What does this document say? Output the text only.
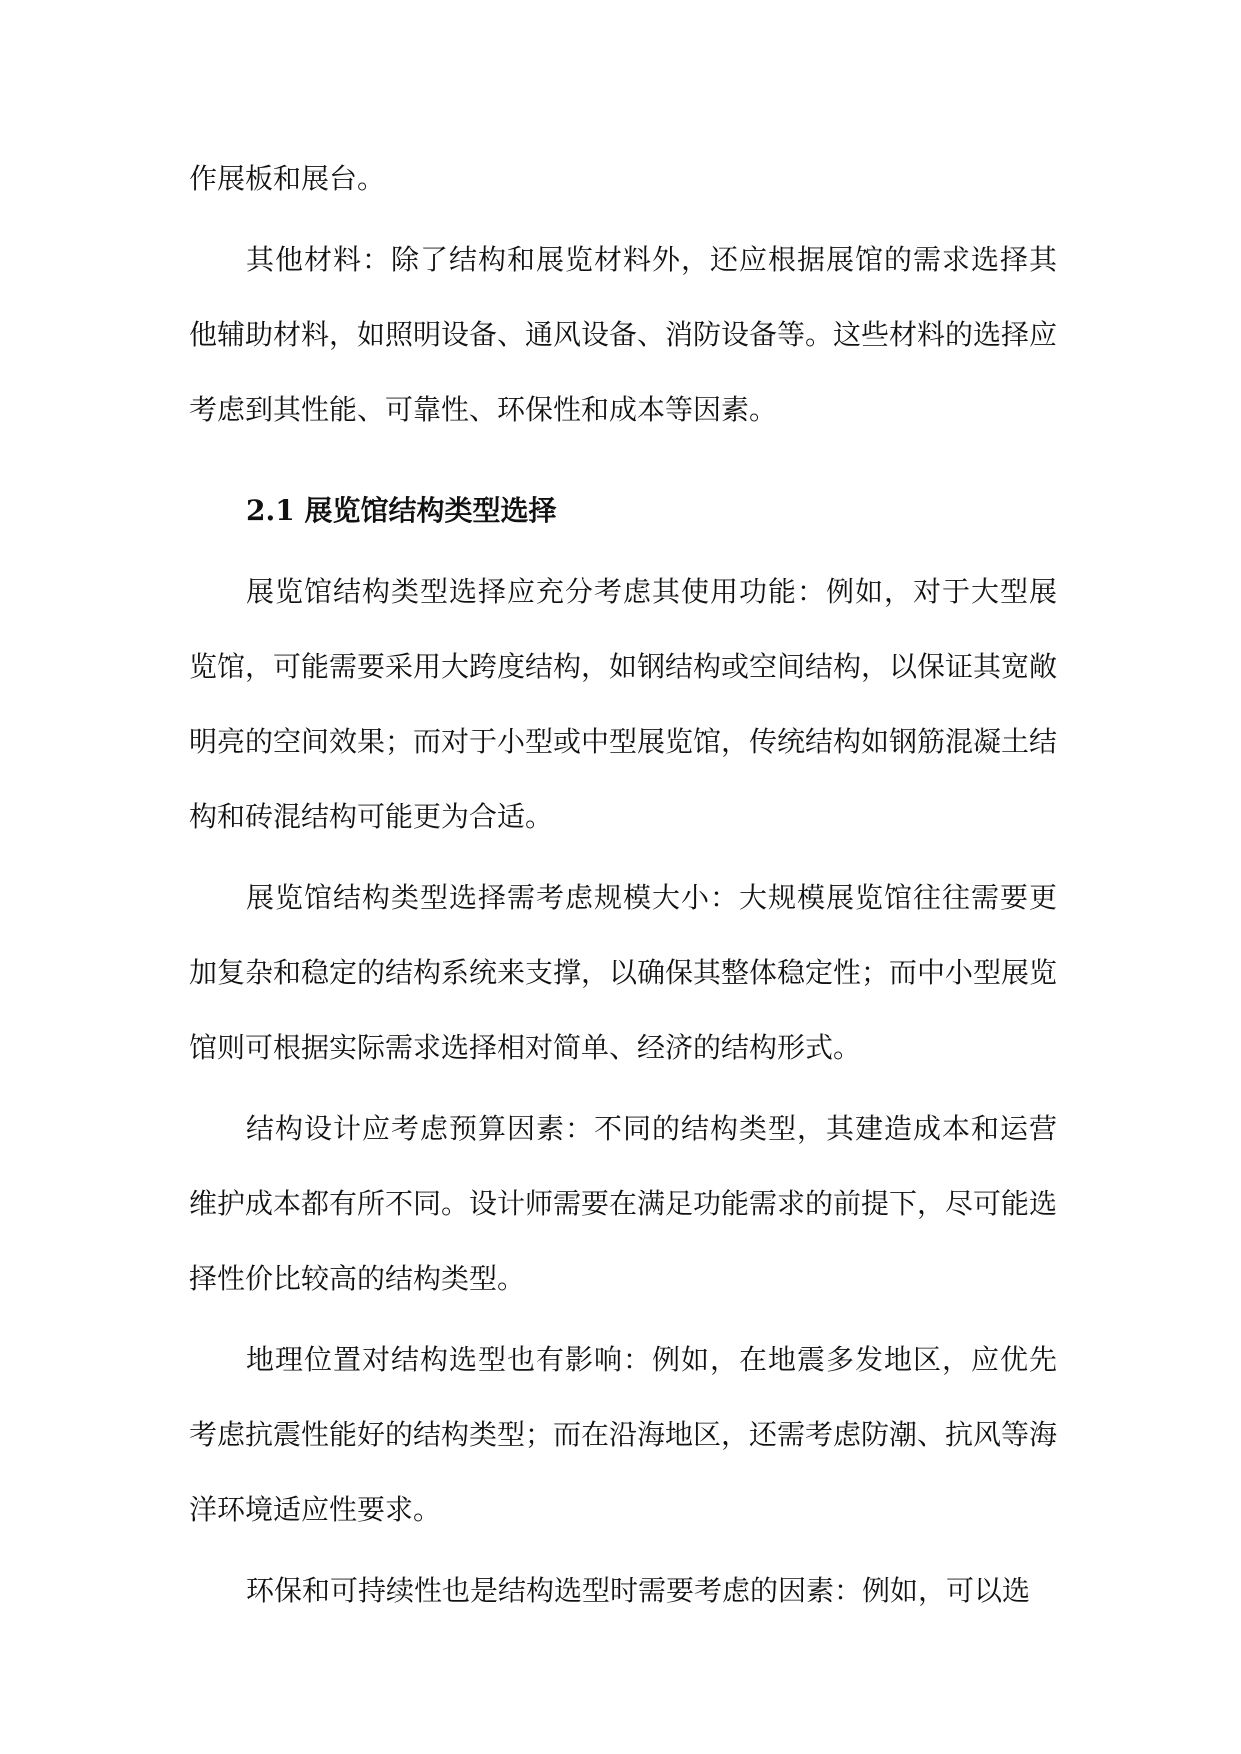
作展板和展台。

其他材料：除了结构和展览材料外，还应根据展馆的需求选择其他辅助材料，如照明设备、通风设备、消防设备等。这些材料的选择应考虑到其性能、可靠性、环保性和成本等因素。

2.1 展览馆结构类型选择

展览馆结构类型选择应充分考虑其使用功能：例如，对于大型展览馆，可能需要采用大跨度结构，如钢结构或空间结构，以保证其宽敞明亮的空间效果；而对于小型或中型展览馆，传统结构如钢筋混凝土结构和砖混结构可能更为合适。

展览馆结构类型选择需考虑规模大小：大规模展览馆往往需要更加复杂和稳定的结构系统来支撑，以确保其整体稳定性；而中小型展览馆则可根据实际需求选择相对简单、经济的结构形式。

结构设计应考虑预算因素：不同的结构类型，其建造成本和运营维护成本都有所不同。设计师需要在满足功能需求的前提下，尽可能选择性价比较高的结构类型。

地理位置对结构选型也有影响：例如，在地震多发地区，应优先考虑抗震性能好的结构类型；而在沿海地区，还需考虑防潮、抗风等海洋环境适应性要求。

环保和可持续性也是结构选型时需要考虑的因素：例如，可以选
